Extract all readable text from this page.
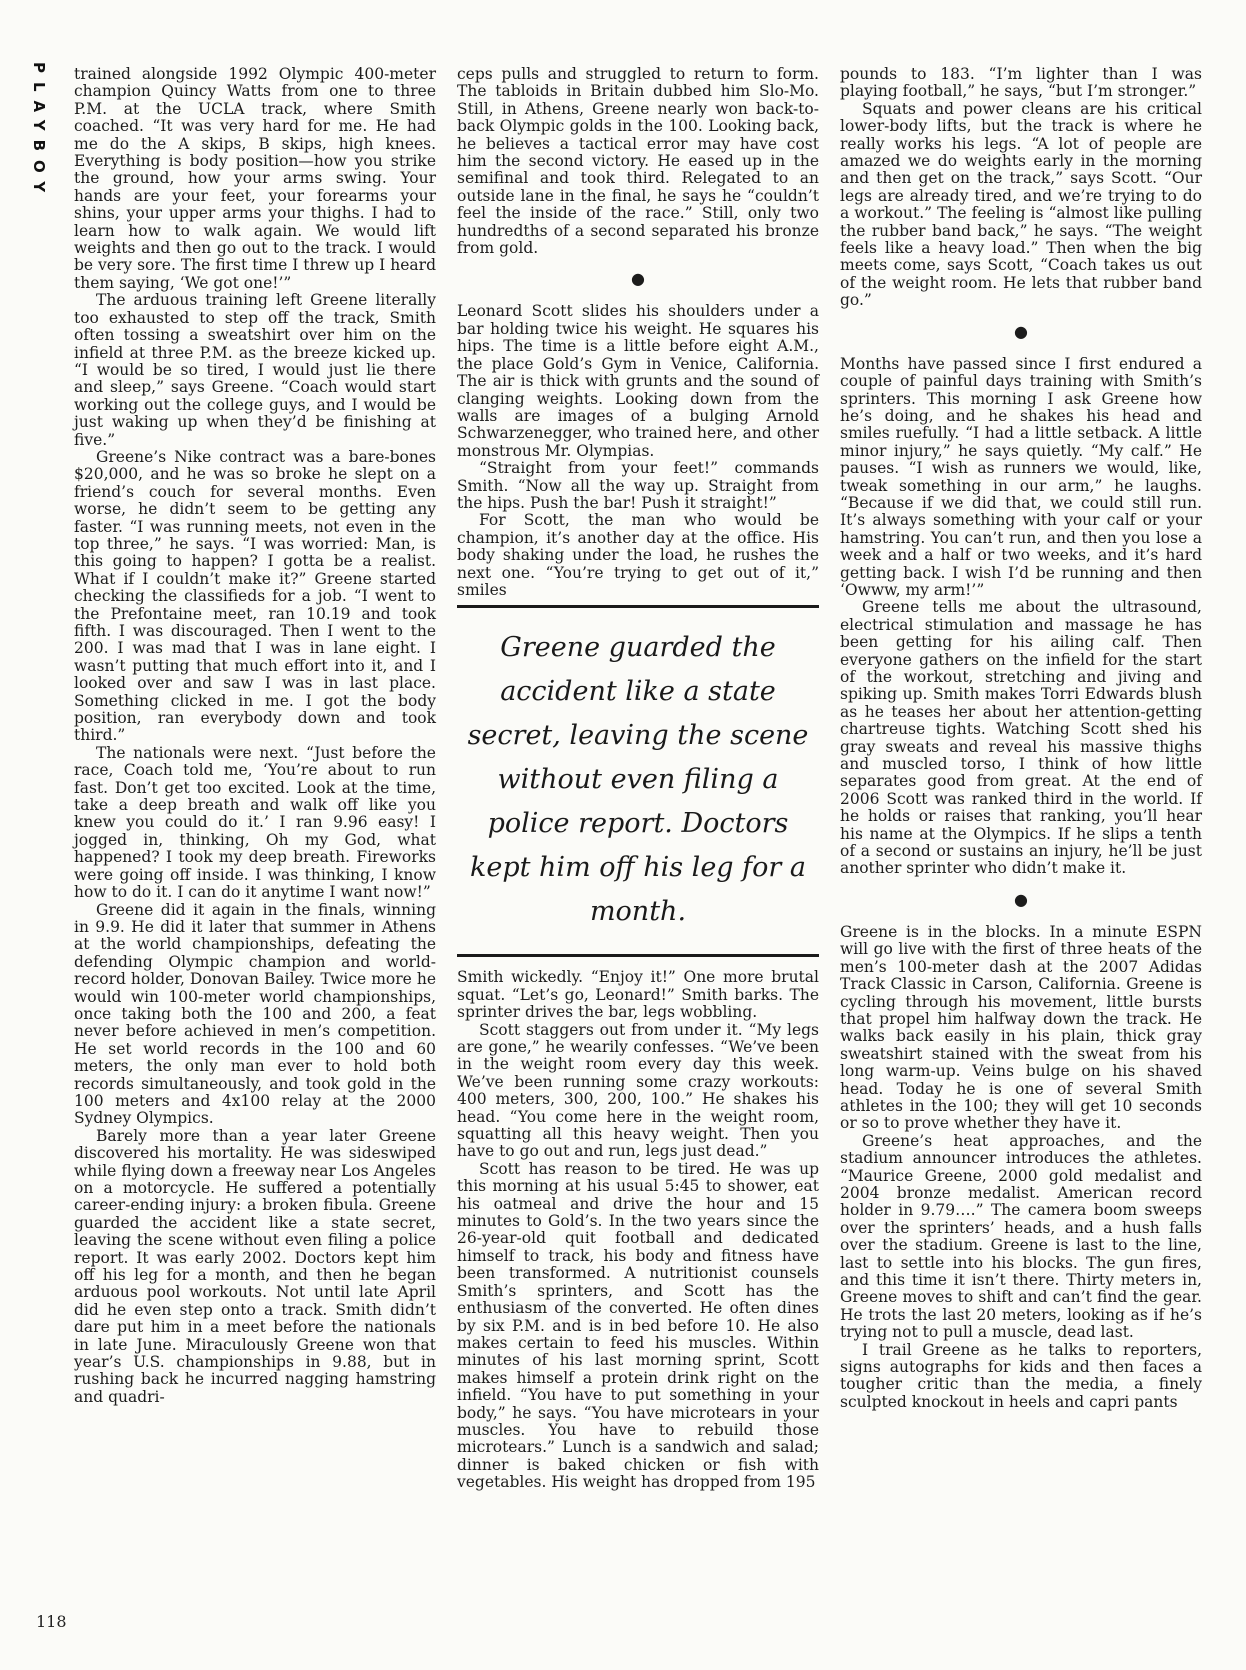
PLAYBOY trained alongside 1992 Olympic 400-meter champion Quincy Watts from one to three P.M. at the UCLA track, where Smith coached. “It was very hard for me. He had me do the A skips, B skips, high knees. Everything is body position—how you strike the ground, how your arms swing. Your hands are your feet, your forearms your shins, your upper arms your thighs. I had to learn how to walk again. We would lift weights and then go out to the track. I would be very sore. The first time I threw up I heard them saying, ‘We got one!’”

The arduous training left Greene literally too exhausted to step off the track, Smith often tossing a sweatshirt over him on the infield at three P.M. as the breeze kicked up. “I would be so tired, I would just lie there and sleep,” says Greene. “Coach would start working out the college guys, and I would be just waking up when they’d be finishing at five.”

Greene’s Nike contract was a bare-bones $20,000, and he was so broke he slept on a friend’s couch for several months. Even worse, he didn’t seem to be getting any faster. “I was running meets, not even in the top three,” he says. “I was worried: Man, is this going to happen? I gotta be a realist. What if I couldn’t make it?” Greene started checking the classifieds for a job. “I went to the Prefontaine meet, ran 10.19 and took fifth. I was discouraged. Then I went to the 200. I was mad that I was in lane eight. I wasn’t putting that much effort into it, and I looked over and saw I was in last place. Something clicked in me. I got the body position, ran everybody down and took third.”

The nationals were next. “Just before the race, Coach told me, ‘You’re about to run fast. Don’t get too excited. Look at the time, take a deep breath and walk off like you knew you could do it.’ I ran 9.96 easy! I jogged in, thinking, Oh my God, what happened? I took my deep breath. Fireworks were going off inside. I was thinking, I know how to do it. I can do it anytime I want now!”

Greene did it again in the finals, winning in 9.9. He did it later that summer in Athens at the world championships, defeating the defending Olympic champion and world-record holder, Donovan Bailey. Twice more he would win 100-meter world championships, once taking both the 100 and 200, a feat never before achieved in men’s competition. He set world records in the 100 and 60 meters, the only man ever to hold both records simultaneously, and took gold in the 100 meters and 4x100 relay at the 2000 Sydney Olympics.

Barely more than a year later Greene discovered his mortality. He was sideswiped while flying down a freeway near Los Angeles on a motorcycle. He suffered a potentially career-ending injury: a broken fibula. Greene guarded the accident like a state secret, leaving the scene without even filing a police report. It was early 2002. Doctors kept him off his leg for a month, and then he began arduous pool workouts. Not until late April did he even step onto a track. Smith didn’t dare put him in a meet before the nationals in late June. Miraculously Greene won that year’s U.S. championships in 9.88, but in rushing back he incurred nagging hamstring and quadri-

ceps pulls and struggled to return to form. The tabloids in Britain dubbed him Slo-Mo. Still, in Athens, Greene nearly won back-to-back Olympic golds in the 100. Looking back, he believes a tactical error may have cost him the second victory. He eased up in the semifinal and took third. Relegated to an outside lane in the final, he says he “couldn’t feel the inside of the race.” Still, only two hundredths of a second separated his bronze from gold.

●

Leonard Scott slides his shoulders under a bar holding twice his weight. He squares his hips. The time is a little before eight A.M., the place Gold’s Gym in Venice, California. The air is thick with grunts and the sound of clanging weights. Looking down from the walls are images of a bulging Arnold Schwarzenegger, who trained here, and other monstrous Mr. Olympias.

“Straight from your feet!” commands Smith. “Now all the way up. Straight from the hips. Push the bar! Push it straight!”

For Scott, the man who would be champion, it’s another day at the office. His body shaking under the load, he rushes the next one. “You’re trying to get out of it,” smiles

Greene guarded the accident like a state secret, leaving the scene without even filing a police report. Doctors kept him off his leg for a month.

Smith wickedly. “Enjoy it!” One more brutal squat. “Let’s go, Leonard!” Smith barks. The sprinter drives the bar, legs wobbling.

Scott staggers out from under it. “My legs are gone,” he wearily confesses. “We’ve been in the weight room every day this week. We’ve been running some crazy workouts: 400 meters, 300, 200, 100.” He shakes his head. “You come here in the weight room, squatting all this heavy weight. Then you have to go out and run, legs just dead.”

Scott has reason to be tired. He was up this morning at his usual 5:45 to shower, eat his oatmeal and drive the hour and 15 minutes to Gold’s. In the two years since the 26-year-old quit football and dedicated himself to track, his body and fitness have been transformed. A nutritionist counsels Smith’s sprinters, and Scott has the enthusiasm of the converted. He often dines by six P.M. and is in bed before 10. He also makes certain to feed his muscles. Within minutes of his last morning sprint, Scott makes himself a protein drink right on the infield. “You have to put something in your body,” he says. “You have microtears in your muscles. You have to rebuild those microtears.” Lunch is a sandwich and salad; dinner is baked chicken or fish with vegetables. His weight has dropped from 195

pounds to 183. “I’m lighter than I was playing football,” he says, “but I’m stronger.”

Squats and power cleans are his critical lower-body lifts, but the track is where he really works his legs. “A lot of people are amazed we do weights early in the morning and then get on the track,” says Scott. “Our legs are already tired, and we’re trying to do a workout.” The feeling is “almost like pulling the rubber band back,” he says. “The weight feels like a heavy load.” Then when the big meets come, says Scott, “Coach takes us out of the weight room. He lets that rubber band go.”

●

Months have passed since I first endured a couple of painful days training with Smith’s sprinters. This morning I ask Greene how he’s doing, and he shakes his head and smiles ruefully. “I had a little setback. A little minor injury,” he says quietly. “My calf.” He pauses. “I wish as runners we would, like, tweak something in our arm,” he laughs. “Because if we did that, we could still run. It’s always something with your calf or your hamstring. You can’t run, and then you lose a week and a half or two weeks, and it’s hard getting back. I wish I’d be running and then ‘Owww, my arm!’”

Greene tells me about the ultrasound, electrical stimulation and massage he has been getting for his ailing calf. Then everyone gathers on the infield for the start of the workout, stretching and jiving and spiking up. Smith makes Torri Edwards blush as he teases her about her attention-getting chartreuse tights. Watching Scott shed his gray sweats and reveal his massive thighs and muscled torso, I think of how little separates good from great. At the end of 2006 Scott was ranked third in the world. If he holds or raises that ranking, you’ll hear his name at the Olympics. If he slips a tenth of a second or sustains an injury, he’ll be just another sprinter who didn’t make it.

●

Greene is in the blocks. In a minute ESPN will go live with the first of three heats of the men’s 100-meter dash at the 2007 Adidas Track Classic in Carson, California. Greene is cycling through his movement, little bursts that propel him halfway down the track. He walks back easily in his plain, thick gray sweatshirt stained with the sweat from his long warm-up. Veins bulge on his shaved head. Today he is one of several Smith athletes in the 100; they will get 10 seconds or so to prove whether they have it.

Greene’s heat approaches, and the stadium announcer introduces the athletes. “Maurice Greene, 2000 gold medalist and 2004 bronze medalist. American record holder in 9.79….” The camera boom sweeps over the sprinters’ heads, and a hush falls over the stadium. Greene is last to the line, last to settle into his blocks. The gun fires, and this time it isn’t there. Thirty meters in, Greene moves to shift and can’t find the gear. He trots the last 20 meters, looking as if he’s trying not to pull a muscle, dead last.

I trail Greene as he talks to reporters, signs autographs for kids and then faces a tougher critic than the media, a finely sculpted knockout in heels and capri pants

118
